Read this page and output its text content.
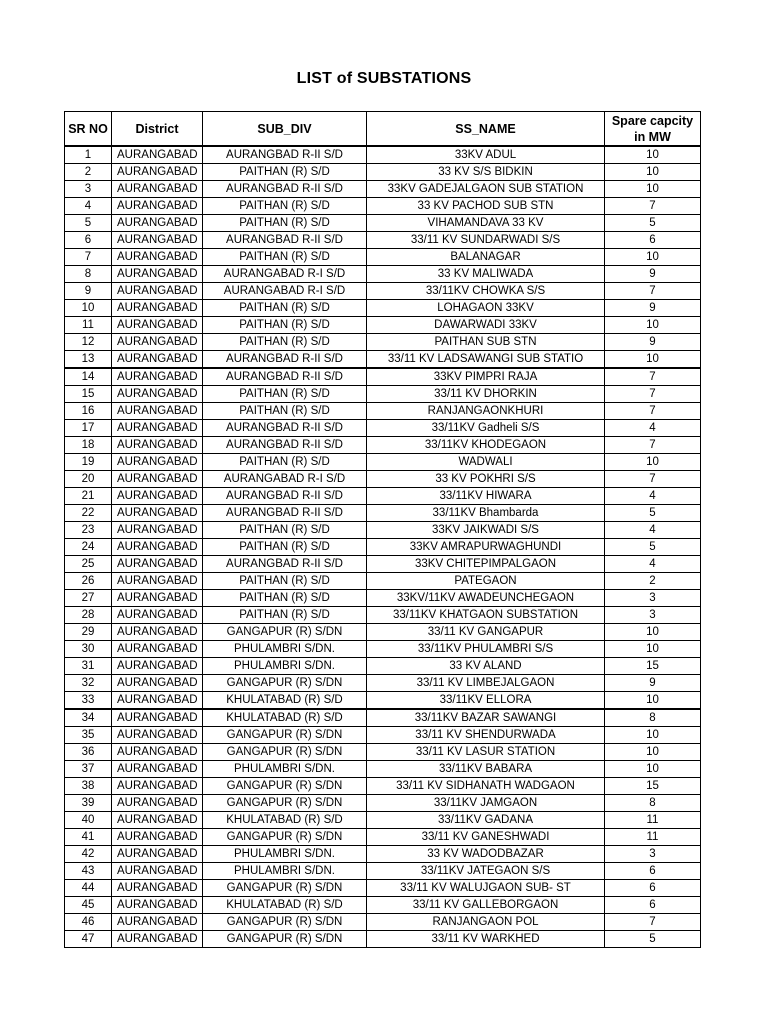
LIST of SUBSTATIONS
SR NO	District	SUB_DIV	SS_NAME	Spare capcity in MW
1	AURANGABAD	AURANGBAD R-II S/D	33KV ADUL	10
2	AURANGABAD	PAITHAN (R) S/D	33 KV S/S BIDKIN	10
3	AURANGABAD	AURANGBAD R-II S/D	33KV GADEJALGAON SUB STATION	10
4	AURANGABAD	PAITHAN (R) S/D	33 KV PACHOD SUB STN	7
5	AURANGABAD	PAITHAN (R) S/D	VIHAMANDAVA 33 KV	5
6	AURANGABAD	AURANGBAD R-II S/D	33/11 KV SUNDARWADI S/S	6
7	AURANGABAD	PAITHAN (R) S/D	BALANAGAR	10
8	AURANGABAD	AURANGABAD R-I S/D	33 KV MALIWADA	9
9	AURANGABAD	AURANGABAD R-I S/D	33/11KV CHOWKA S/S	7
10	AURANGABAD	PAITHAN (R) S/D	LOHAGAON 33KV	9
11	AURANGABAD	PAITHAN (R) S/D	DAWARWADI 33KV	10
12	AURANGABAD	PAITHAN (R) S/D	PAITHAN SUB STN	9
13	AURANGABAD	AURANGBAD R-II S/D	33/11 KV LADSAWANGI SUB STATIO	10
14	AURANGABAD	AURANGBAD R-II S/D	33KV PIMPRI RAJA	7
15	AURANGABAD	PAITHAN (R) S/D	33/11 KV DHORKIN	7
16	AURANGABAD	PAITHAN (R) S/D	RANJANGAONKHURI	7
17	AURANGABAD	AURANGBAD R-II S/D	33/11KV Gadheli S/S	4
18	AURANGABAD	AURANGBAD R-II S/D	33/11KV KHODEGAON	7
19	AURANGABAD	PAITHAN (R) S/D	WADWALI	10
20	AURANGABAD	AURANGABAD R-I S/D	33 KV POKHRI S/S	7
21	AURANGABAD	AURANGBAD R-II S/D	33/11KV HIWARA	4
22	AURANGABAD	AURANGBAD R-II S/D	33/11KV Bhambarda	5
23	AURANGABAD	PAITHAN (R) S/D	33KV JAIKWADI S/S	4
24	AURANGABAD	PAITHAN (R) S/D	33KV AMRAPURWAGHUNDI	5
25	AURANGABAD	AURANGBAD R-II S/D	33KV CHITEPIMPALGAON	4
26	AURANGABAD	PAITHAN (R) S/D	PATEGAON	2
27	AURANGABAD	PAITHAN (R) S/D	33KV/11KV AWADEUNCHEGAON	3
28	AURANGABAD	PAITHAN (R) S/D	33/11KV KHATGAON SUBSTATION	3
29	AURANGABAD	GANGAPUR (R) S/DN	33/11 KV GANGAPUR	10
30	AURANGABAD	PHULAMBRI S/DN.	33/11KV PHULAMBRI S/S	10
31	AURANGABAD	PHULAMBRI S/DN.	33 KV ALAND	15
32	AURANGABAD	GANGAPUR (R) S/DN	33/11 KV LIMBEJALGAON	9
33	AURANGABAD	KHULATABAD (R) S/D	33/11KV ELLORA	10
34	AURANGABAD	KHULATABAD (R) S/D	33/11KV BAZAR SAWANGI	8
35	AURANGABAD	GANGAPUR (R) S/DN	33/11 KV SHENDURWADA	10
36	AURANGABAD	GANGAPUR (R) S/DN	33/11 KV LASUR STATION	10
37	AURANGABAD	PHULAMBRI S/DN.	33/11KV BABARA	10
38	AURANGABAD	GANGAPUR (R) S/DN	33/11 KV SIDHANATH WADGAON	15
39	AURANGABAD	GANGAPUR (R) S/DN	33/11KV JAMGAON	8
40	AURANGABAD	KHULATABAD (R) S/D	33/11KV GADANA	11
41	AURANGABAD	GANGAPUR (R) S/DN	33/11 KV GANESHWADI	11
42	AURANGABAD	PHULAMBRI S/DN.	33 KV WADODBAZAR	3
43	AURANGABAD	PHULAMBRI S/DN.	33/11KV JATEGAON S/S	6
44	AURANGABAD	GANGAPUR (R) S/DN	33/11 KV WALUJGAON SUB- ST	6
45	AURANGABAD	KHULATABAD (R) S/D	33/11 KV GALLEBORGAON	6
46	AURANGABAD	GANGAPUR (R) S/DN	RANJANGAON POL	7
47	AURANGABAD	GANGAPUR (R) S/DN	33/11 KV WARKHED	5
